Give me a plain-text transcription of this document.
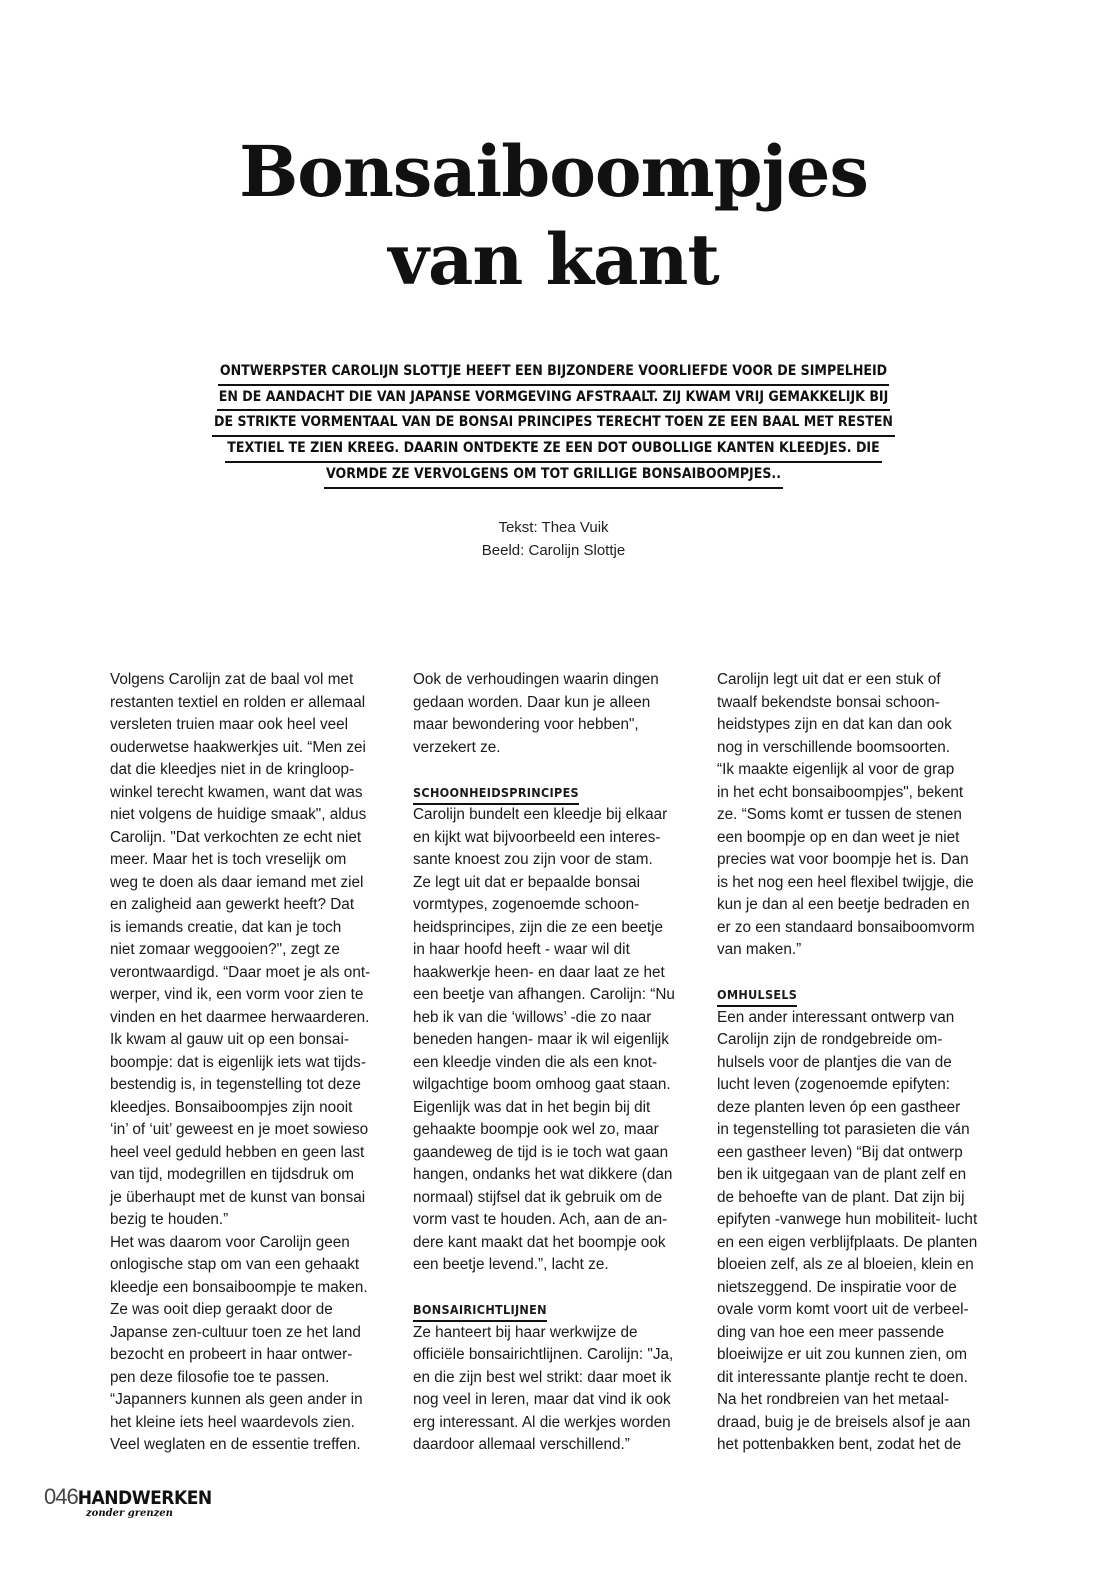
Bonsaiboompjes
van kant
ONTWERPSTER CAROLIJN SLOTTJE HEEFT EEN BIJZONDERE VOORLIEFDE VOOR DE SIMPELHEID
EN DE AANDACHT DIE VAN JAPANSE VORMGEVING AFSTRAALT. ZIJ KWAM VRIJ GEMAKKELIJK BIJ
DE STRIKTE VORMENTAAL VAN DE BONSAI PRINCIPES TERECHT TOEN ZE EEN BAAL MET RESTEN
TEXTIEL TE ZIEN KREEG. DAARIN ONTDEKTE ZE EEN DOT OUBOLLIGE KANTEN KLEEDJES. DIE
VORMDE ZE VERVOLGENS OM TOT GRILLIGE BONSAIBOOMPJES..
Tekst: Thea Vuik
Beeld: Carolijn Slottje
Volgens Carolijn zat de baal vol met
restanten textiel en rolden er allemaal
versleten truien maar ook heel veel
ouderwetse haakwerkjes uit. “Men zei
dat die kleedjes niet in de kringloop-
winkel terecht kwamen, want dat was
niet volgens de huidige smaak", aldus
Carolijn. "Dat verkochten ze echt niet
meer. Maar het is toch vreselijk om
weg te doen als daar iemand met ziel
en zaligheid aan gewerkt heeft? Dat
is iemands creatie, dat kan je toch
niet zomaar weggooien?", zegt ze
verontwaardigd. “Daar moet je als ont-
werper, vind ik, een vorm voor zien te
vinden en het daarmee herwaarderen.
Ik kwam al gauw uit op een bonsai-
boompje: dat is eigenlijk iets wat tijds-
bestendig is, in tegenstelling tot deze
kleedjes. Bonsaiboompjes zijn nooit
‘in’ of ‘uit’ geweest en je moet sowieso
heel veel geduld hebben en geen last
van tijd, modegrillen en tijdsdruk om
je überhaupt met de kunst van bonsai
bezig te houden.”
Het was daarom voor Carolijn geen
onlogische stap om van een gehaakt
kleedje een bonsaiboompje te maken.
Ze was ooit diep geraakt door de
Japanse zen-cultuur toen ze het land
bezocht en probeert in haar ontwer-
pen deze filosofie toe te passen.
“Japanners kunnen als geen ander in
het kleine iets heel waardevols zien.
Veel weglaten en de essentie treffen.
Ook de verhoudingen waarin dingen
gedaan worden. Daar kun je alleen
maar bewondering voor hebben",
verzekert ze.
SCHOONHEIDSPRINCIPES
Carolijn bundelt een kleedje bij elkaar
en kijkt wat bijvoorbeeld een interes-
sante knoest zou zijn voor de stam.
Ze legt uit dat er bepaalde bonsai
vormtypes, zogenoemde schoon-
heidsprincipes, zijn die ze een beetje
in haar hoofd heeft - waar wil dit
haakwerkje heen- en daar laat ze het
een beetje van afhangen. Carolijn: “Nu
heb ik van die ‘willows’ -die zo naar
beneden hangen- maar ik wil eigenlijk
een kleedje vinden die als een knot-
wilgachtige boom omhoog gaat staan.
Eigenlijk was dat in het begin bij dit
gehaakte boompje ook wel zo, maar
gaandeweg de tijd is ie toch wat gaan
hangen, ondanks het wat dikkere (dan
normaal) stijfsel dat ik gebruik om de
vorm vast te houden. Ach, aan de an-
dere kant maakt dat het boompje ook
een beetje levend.”, lacht ze.
BONSAIRICHTLIJNEN
Ze hanteert bij haar werkwijze de
officiële bonsairichtlijnen. Carolijn: "Ja,
en die zijn best wel strikt: daar moet ik
nog veel in leren, maar dat vind ik ook
erg interessant. Al die werkjes worden
daardoor allemaal verschillend.”
Carolijn legt uit dat er een stuk of
twaalf bekendste bonsai schoon-
heidstypes zijn en dat kan dan ook
nog in verschillende boomsoorten.
“Ik maakte eigenlijk al voor de grap
in het echt bonsaiboompjes", bekent
ze. “Soms komt er tussen de stenen
een boompje op en dan weet je niet
precies wat voor boompje het is. Dan
is het nog een heel flexibel twijgje, die
kun je dan al een beetje bedraden en
er zo een standaard bonsaiboomvorm
van maken.”
OMHULSELS
Een ander interessant ontwerp van
Carolijn zijn de rondgebreide om-
hulsels voor de plantjes die van de
lucht leven (zogenoemde epifyten:
deze planten leven óp een gastheer
in tegenstelling tot parasieten die ván
een gastheer leven) “Bij dat ontwerp
ben ik uitgegaan van de plant zelf en
de behoefte van de plant. Dat zijn bij
epifyten -vanwege hun mobiliteit- lucht
en een eigen verblijfplaats. De planten
bloeien zelf, als ze al bloeien, klein en
nietszeggend. De inspiratie voor de
ovale vorm komt voort uit de verbeel-
ding van hoe een meer passende
bloeiwijze er uit zou kunnen zien, om
dit interessante plantje recht te doen.
Na het rondbreien van het metaal-
draad, buig je de breisels alsof je aan
het pottenbakken bent, zodat het de
046HANDWERKEN
zonder grenzen
